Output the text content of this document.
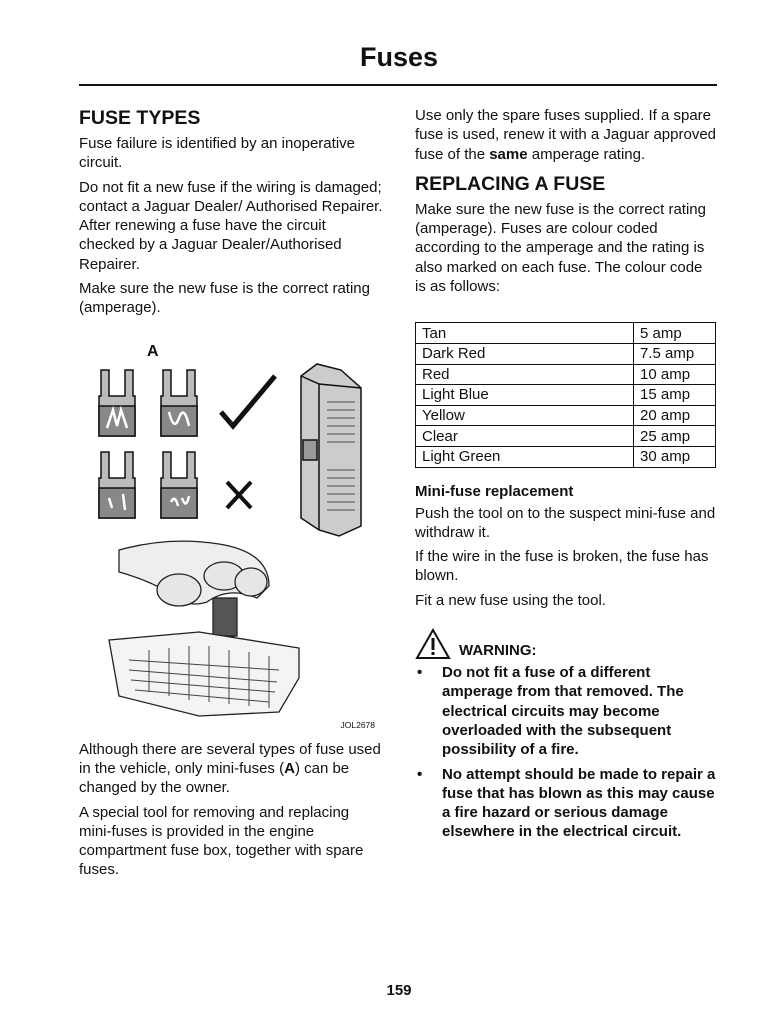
Fuses
FUSE TYPES

Fuse failure is identified by an inoperative circuit.

Do not fit a new fuse if the wiring is damaged; contact a Jaguar Dealer/ Authorised Repairer. After renewing a fuse have the circuit checked by a Jaguar Dealer/Authorised Repairer.

Make sure the new fuse is the correct rating (amperage).

A
JOL2678

Although there are several types of fuse used in the vehicle, only mini-fuses (A) can be changed by the owner.

A special tool for removing and replacing mini-fuses is provided in the engine compartment fuse box, together with spare fuses.

Use only the spare fuses supplied. If a spare fuse is used, renew it with a Jaguar approved fuse of the same amperage rating.

REPLACING A FUSE

Make sure the new fuse is the correct rating (amperage). Fuses are colour coded according to the amperage and the rating is also marked on each fuse. The colour code is as follows:

Tan	5 amp
Dark Red	7.5 amp
Red	10 amp
Light Blue	15 amp
Yellow	20 amp
Clear	25 amp
Light Green	30 amp
Mini-fuse replacement

Push the tool on to the suspect mini-fuse and withdraw it.

If the wire in the fuse is broken, the fuse has blown.

Fit a new fuse using the tool.

WARNING:
• Do not fit a fuse of a different amperage from that removed. The electrical circuits may become overloaded with the subsequent possibility of a fire.
• No attempt should be made to repair a fuse that has blown as this may cause a fire hazard or serious damage elsewhere in the electrical circuit.
159
